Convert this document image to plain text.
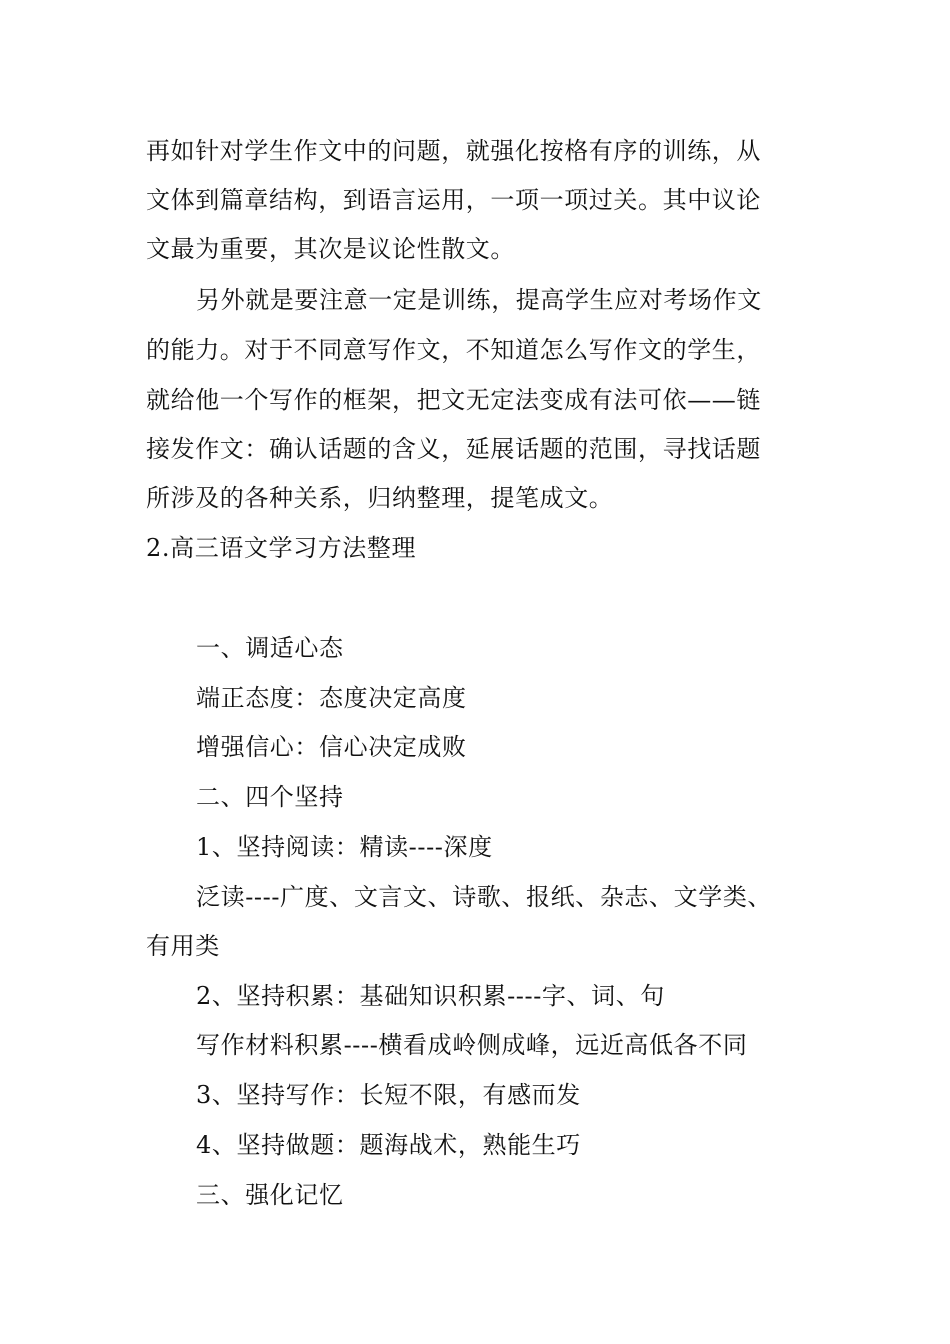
再如针对学生作文中的问题，就强化按格有序的训练，从
文体到篇章结构，到语言运用，一项一项过关。其中议论
文最为重要，其次是议论性散文。
另外就是要注意一定是训练，提高学生应对考场作文
的能力。对于不同意写作文，不知道怎么写作文的学生，
就给他一个写作的框架，把文无定法变成有法可依——链
接发作文：确认话题的含义，延展话题的范围，寻找话题
所涉及的各种关系，归纳整理，提笔成文。
2.高三语文学习方法整理
一、调适心态
端正态度：态度决定高度
增强信心：信心决定成败
二、四个坚持
1、坚持阅读：精读----深度
泛读----广度、文言文、诗歌、报纸、杂志、文学类、
有用类
2、坚持积累：基础知识积累----字、词、句
写作材料积累----横看成岭侧成峰，远近高低各不同
3、坚持写作：长短不限，有感而发
4、坚持做题：题海战术，熟能生巧
三、强化记忆
